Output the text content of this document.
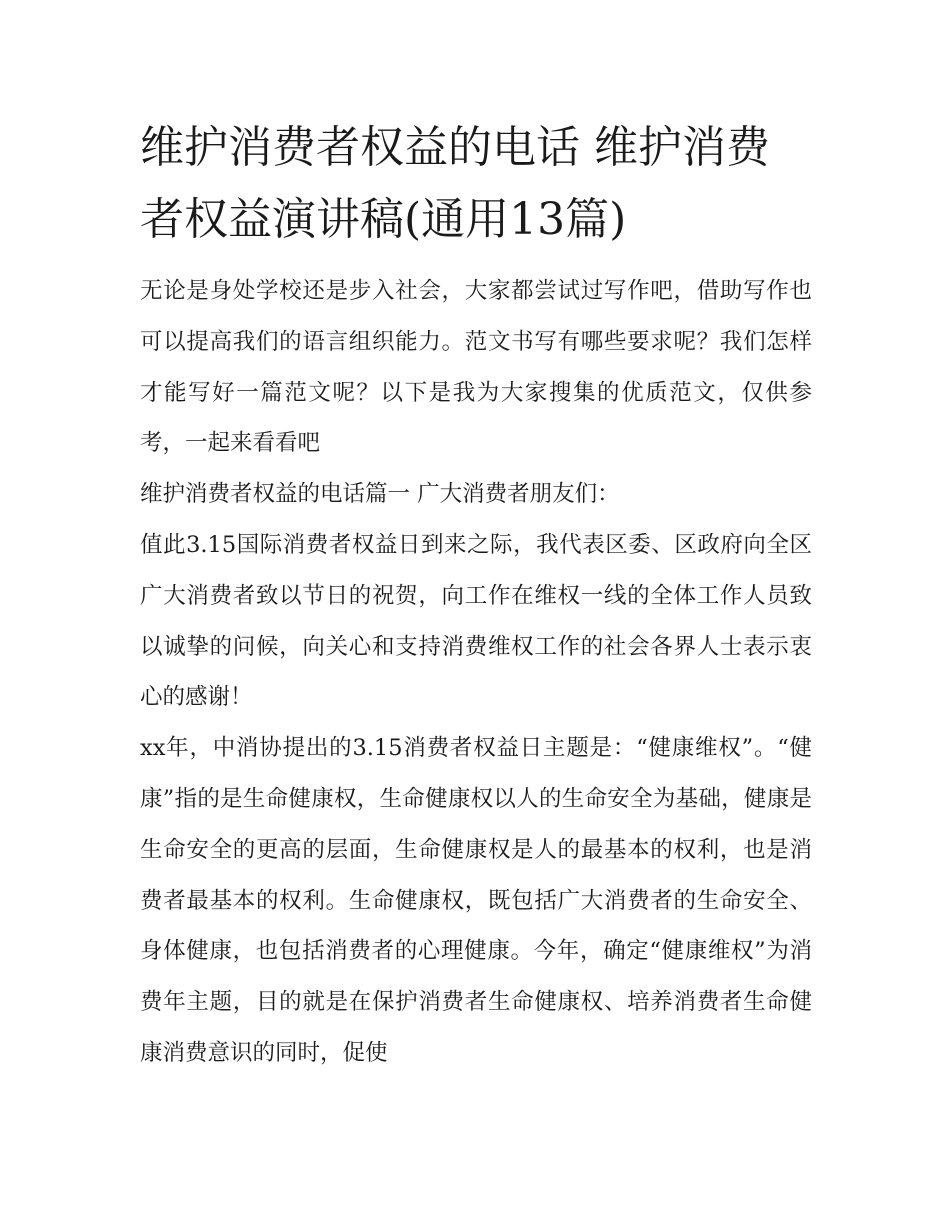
维护消费者权益的电话 维护消费者权益演讲稿(通用13篇)

无论是身处学校还是步入社会，大家都尝试过写作吧，借助写作也可以提高我们的语言组织能力。范文书写有哪些要求呢？我们怎样才能写好一篇范文呢？以下是我为大家搜集的优质范文，仅供参考，一起来看看吧

维护消费者权益的电话篇一 广大消费者朋友们：

值此3.15国际消费者权益日到来之际，我代表区委、区政府向全区广大消费者致以节日的祝贺，向工作在维权一线的全体工作人员致以诚挚的问候，向关心和支持消费维权工作的社会各界人士表示衷心的感谢！

xx年，中消协提出的3.15消费者权益日主题是：“健康维权”。“健康”指的是生命健康权，生命健康权以人的生命安全为基础，健康是生命安全的更高的层面，生命健康权是人的最基本的权利，也是消费者最基本的权利。生命健康权，既包括广大消费者的生命安全、身体健康，也包括消费者的心理健康。今年，确定“健康维权”为消费年主题，目的就是在保护消费者生命健康权、培养消费者生命健康消费意识的同时，促使
